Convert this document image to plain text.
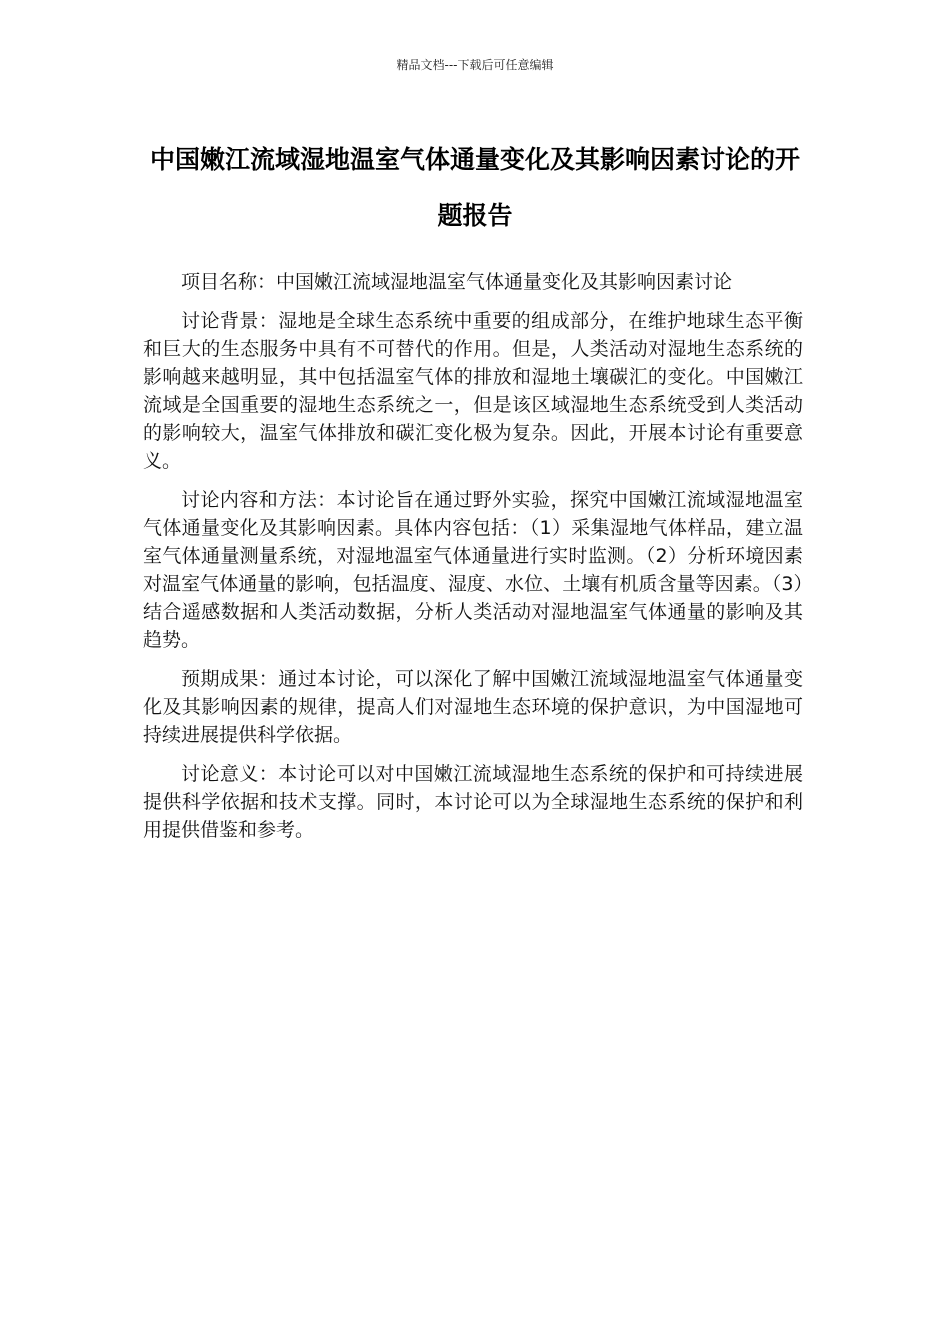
精品文档---下载后可任意编辑
中国嫩江流域湿地温室气体通量变化及其影响因素讨论的开题报告

项目名称：中国嫩江流域湿地温室气体通量变化及其影响因素讨论

讨论背景：湿地是全球生态系统中重要的组成部分，在维护地球生态平衡和巨大的生态服务中具有不可替代的作用。但是，人类活动对湿地生态系统的影响越来越明显，其中包括温室气体的排放和湿地土壤碳汇的变化。中国嫩江流域是全国重要的湿地生态系统之一，但是该区域湿地生态系统受到人类活动的影响较大，温室气体排放和碳汇变化极为复杂。因此，开展本讨论有重要意义。

讨论内容和方法：本讨论旨在通过野外实验，探究中国嫩江流域湿地温室气体通量变化及其影响因素。具体内容包括：（1）采集湿地气体样品，建立温室气体通量测量系统，对湿地温室气体通量进行实时监测。（2）分析环境因素对温室气体通量的影响，包括温度、湿度、水位、土壤有机质含量等因素。（3）结合遥感数据和人类活动数据，分析人类活动对湿地温室气体通量的影响及其趋势。

预期成果：通过本讨论，可以深化了解中国嫩江流域湿地温室气体通量变化及其影响因素的规律，提高人们对湿地生态环境的保护意识，为中国湿地可持续进展提供科学依据。

讨论意义：本讨论可以对中国嫩江流域湿地生态系统的保护和可持续进展提供科学依据和技术支撑。同时，本讨论可以为全球湿地生态系统的保护和利用提供借鉴和参考。
